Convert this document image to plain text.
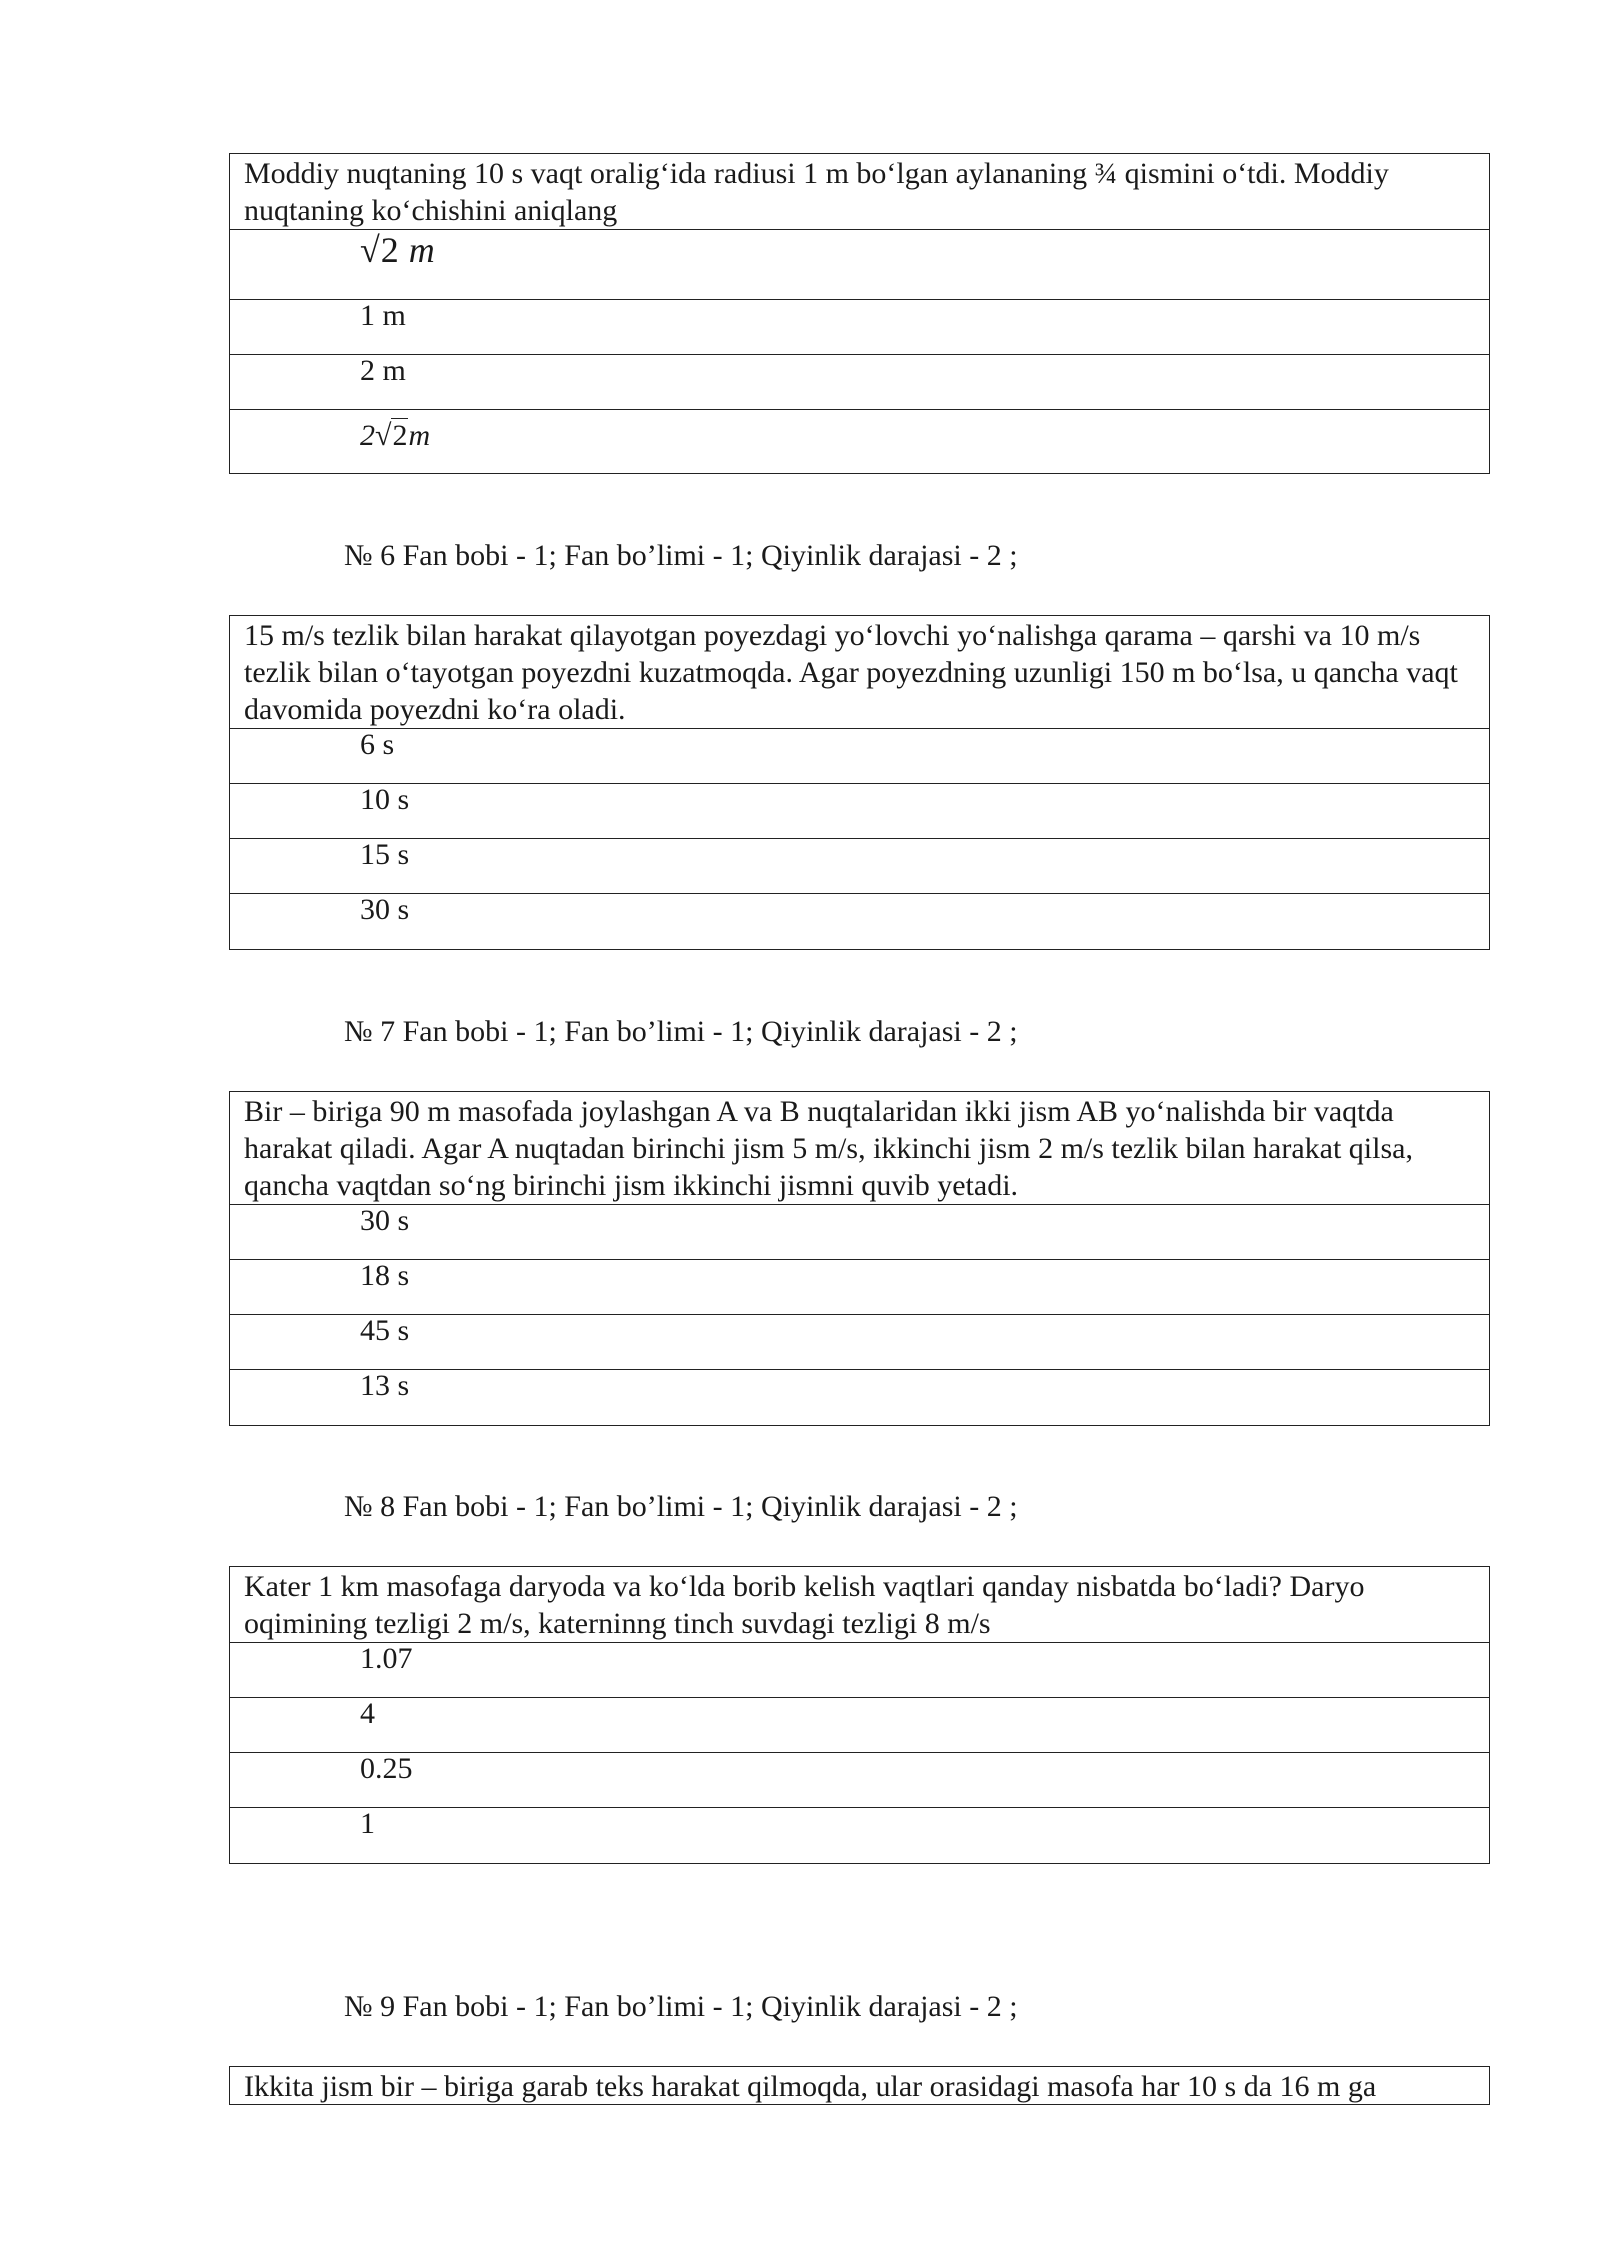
Moddiy nuqtaning 10 s vaqt oralig‘ida radiusi 1 m bo‘lgan aylananing ¾ qismini o‘tdi. Moddiy nuqtaning ko‘chishini aniqlang
√2 m
1 m
2 m
2√2m
№ 6 Fan bobi - 1; Fan bo’limi - 1; Qiyinlik darajasi - 2 ;
15 m/s tezlik bilan harakat qilayotgan poyezdagi yo‘lovchi yo‘nalishga qarama – qarshi va 10 m/s tezlik bilan o‘tayotgan poyezdni kuzatmoqda. Agar poyezdning uzunligi 150 m bo‘lsa, u qancha vaqt davomida poyezdni ko‘ra oladi.
6 s
10 s
15 s
30 s
№ 7 Fan bobi - 1; Fan bo’limi - 1; Qiyinlik darajasi - 2 ;
Bir – biriga 90 m masofada joylashgan A va B nuqtalaridan ikki jism AB yo‘nalishda bir vaqtda harakat qiladi. Agar A nuqtadan birinchi jism 5 m/s, ikkinchi jism 2 m/s tezlik bilan harakat qilsa, qancha vaqtdan so‘ng birinchi jism ikkinchi jismni quvib yetadi.
30 s
18 s
45 s
13 s
№ 8 Fan bobi - 1; Fan bo’limi - 1; Qiyinlik darajasi - 2 ;
Kater 1 km masofaga daryoda va ko‘lda borib kelish vaqtlari qanday nisbatda bo‘ladi? Daryo oqimining tezligi 2 m/s, katerninng tinch suvdagi tezligi 8 m/s
1.07
4
0.25
1
№ 9 Fan bobi - 1; Fan bo’limi - 1; Qiyinlik darajasi - 2 ;
Ikkita jism bir – biriga garab teks harakat qilmoqda, ular orasidagi masofa har 10 s da 16 m ga
